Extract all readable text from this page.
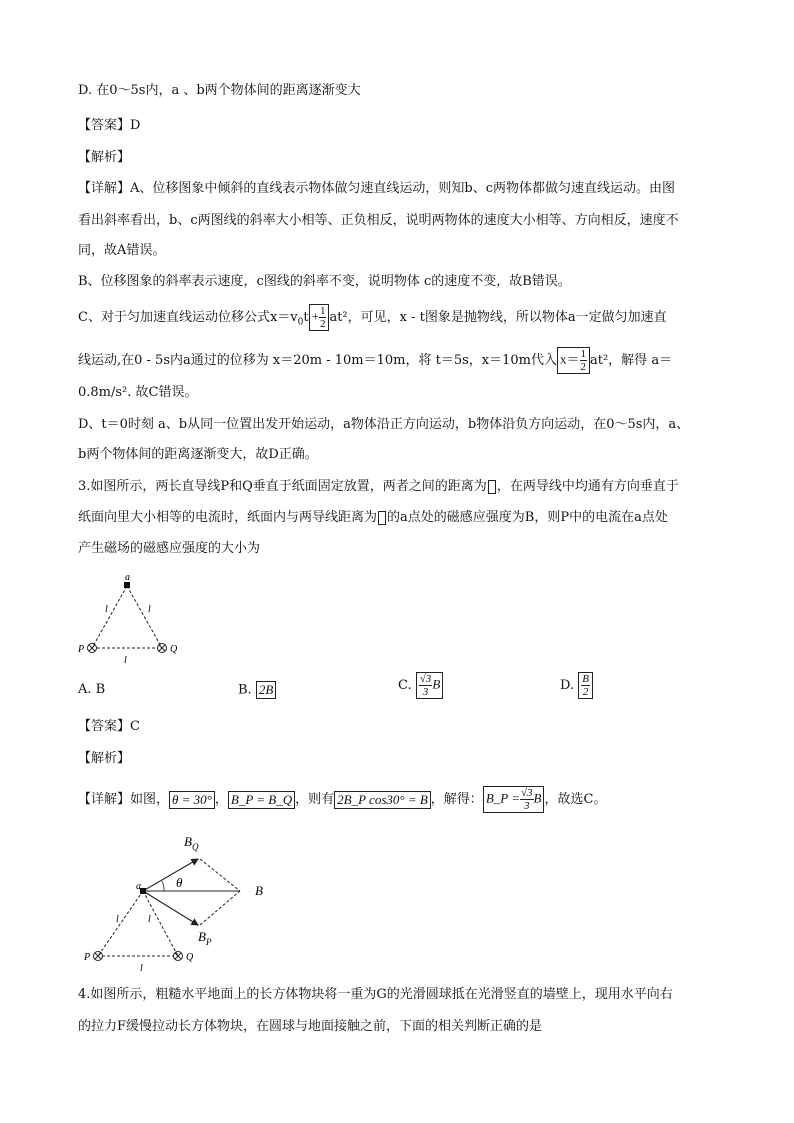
D. 在0～5s内，a 、b两个物体间的距离逐渐变大
【答案】D
【解析】
【详解】A、位移图象中倾斜的直线表示物体做匀速直线运动，则知b、c两物体都做匀速直线运动。由图
看出斜率看出，b、c两图线的斜率大小相等、正负相反，说明两物体的速度大小相等、方向相反，速度不
同，故A错误。
B、位移图象的斜率表示速度，c图线的斜率不变，说明物体 c的速度不变，故B错误。
C、对于匀加速直线运动位移公式$x=v_0t + \frac{1}{2} at^2$，可见，x - t图象是抛物线，所以物体a一定做匀加速直
线运动,在0 - 5s内a通过的位移为 x＝20m - 10m＝10m，将 t＝5s，x＝10m代入 $x= \frac{1}{2} at^2$，解得 a＝
0.8m/s². 故C错误。
D、t＝0时刻 a、b从同一位置出发开始运动，a物体沿正方向运动，b物体沿负方向运动，在0～5s内，a、
b两个物体间的距离逐渐变大，故D正确。
3.如图所示，两长直导线P和Q垂直于纸面固定放置，两者之间的距离为 ，在两导线中均通有方向垂直于
纸面向里大小相等的电流时，纸面内与两导线距离为 的a点处的磁感应强度为B，则P中的电流在a点处
产生磁场的磁感应强度的大小为
a
l	l
l
P	Q
A. B	B. 2B	C. $\frac{√3}{3}$ B	D. $\frac{B}{2}$
【答案】C
【解析】
【详解】如图， θ = 30° ， B_P = B_Q ，则有 2B_P cos30° = B ，解得： B_P = $\frac{√3}{3}$ B ，故选C。
$B_Q$
θ
B
$B_P$
a
l	l
l
P	Q
4.如图所示，粗糙水平地面上的长方体物块将一重为G的光滑圆球抵在光滑竖直的墙壁上，现用水平向右
的拉力F缓慢拉动长方体物块，在圆球与地面接触之前，下面的相关判断正确的是
